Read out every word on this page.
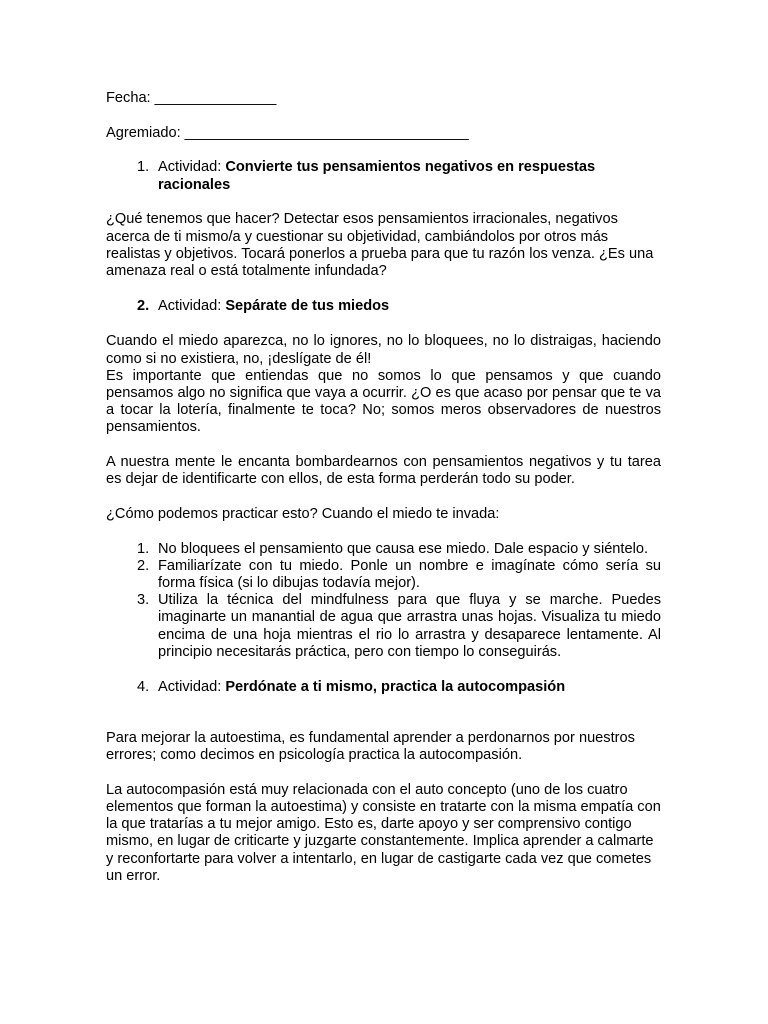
Fecha: _______________

Agremiado: ___________________________________

1. Actividad: Convierte tus pensamientos negativos en respuestas racionales

¿Qué tenemos que hacer? Detectar esos pensamientos irracionales, negativos acerca de ti mismo/a y cuestionar su objetividad, cambiándolos por otros más realistas y objetivos. Tocará ponerlos a prueba para que tu razón los venza. ¿Es una amenaza real o está totalmente infundada?

2. Actividad: Sepárate de tus miedos

Cuando el miedo aparezca, no lo ignores, no lo bloquees, no lo distraigas, haciendo como si no existiera, no, ¡deslígate de él!

Es importante que entiendas que no somos lo que pensamos y que cuando pensamos algo no significa que vaya a ocurrir. ¿O es que acaso por pensar que te va a tocar la lotería, finalmente te toca? No; somos meros observadores de nuestros pensamientos.

A nuestra mente le encanta bombardearnos con pensamientos negativos y tu tarea es dejar de identificarte con ellos, de esta forma perderán todo su poder.

¿Cómo podemos practicar esto? Cuando el miedo te invada:

1. No bloquees el pensamiento que causa ese miedo. Dale espacio y siéntelo.
2. Familiarízate con tu miedo. Ponle un nombre e imagínate cómo sería su forma física (si lo dibujas todavía mejor).
3. Utiliza la técnica del mindfulness para que fluya y se marche. Puedes imaginarte un manantial de agua que arrastra unas hojas. Visualiza tu miedo encima de una hoja mientras el rio lo arrastra y desaparece lentamente. Al principio necesitarás práctica, pero con tiempo lo conseguirás.
4. Actividad: Perdónate a ti mismo, practica la autocompasión

Para mejorar la autoestima, es fundamental aprender a perdonarnos por nuestros errores; como decimos en psicología practica la autocompasión.

La autocompasión está muy relacionada con el auto concepto (uno de los cuatro elementos que forman la autoestima) y consiste en tratarte con la misma empatía con la que tratarías a tu mejor amigo. Esto es, darte apoyo y ser comprensivo contigo mismo, en lugar de criticarte y juzgarte constantemente. Implica aprender a calmarte y reconfortarte para volver a intentarlo, en lugar de castigarte cada vez que cometes un error.
